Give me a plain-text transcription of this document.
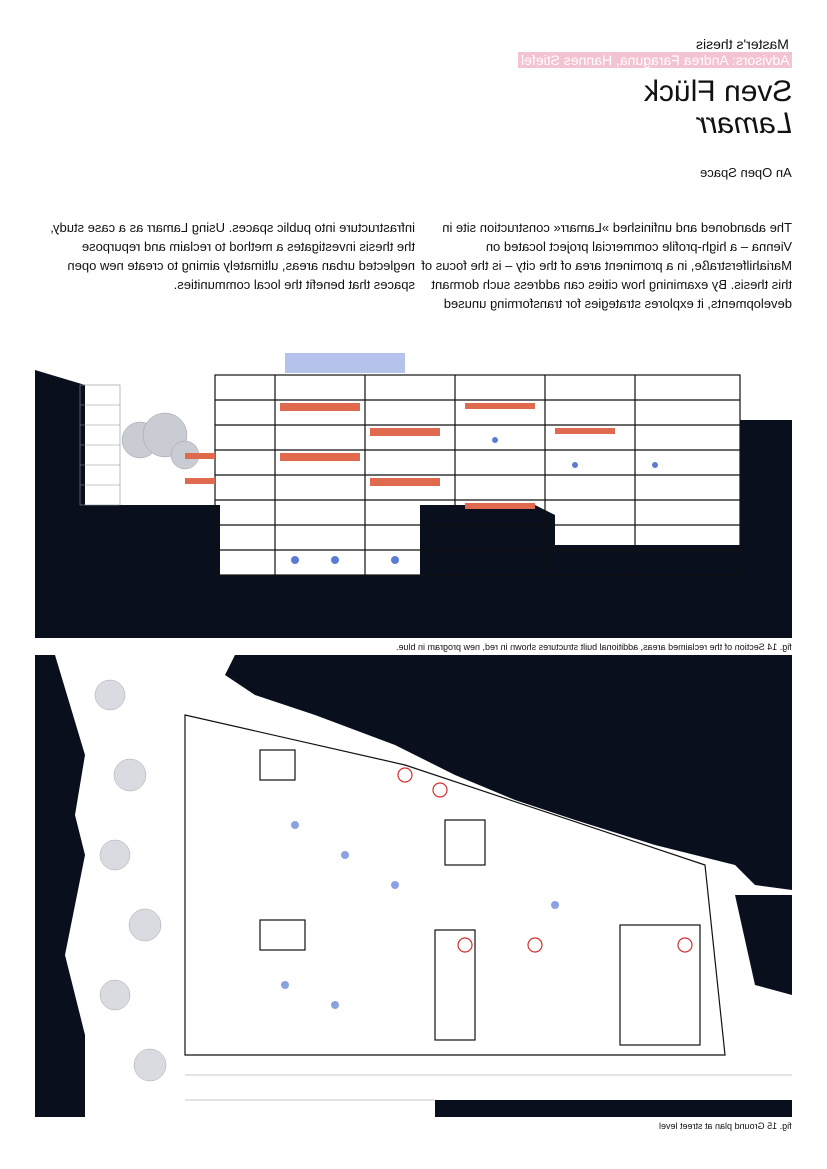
Master's thesis
Advisors: Andrea Faraguna, Hannes Stiefel
Sven Flück
Lamarr
An Open Space
The abandoned and unfinished »Lamarr« construction site in Vienna – a high-profile commercial project located on Mariahilferstraße, in a prominent area of the city – is the focus of this thesis. By examining how cities can address such dormant developments, it explores strategies for transforming unused
infrastructure into public spaces. Using Lamarr as a case study, the thesis investigates a method to reclaim and repurpose neglected urban areas, ultimately aiming to create new open spaces that benefit the local communities.
fig. 14 Section of the reclaimed areas, additional built structures shown in red, new program in blue.
fig. 15 Ground plan at street level
